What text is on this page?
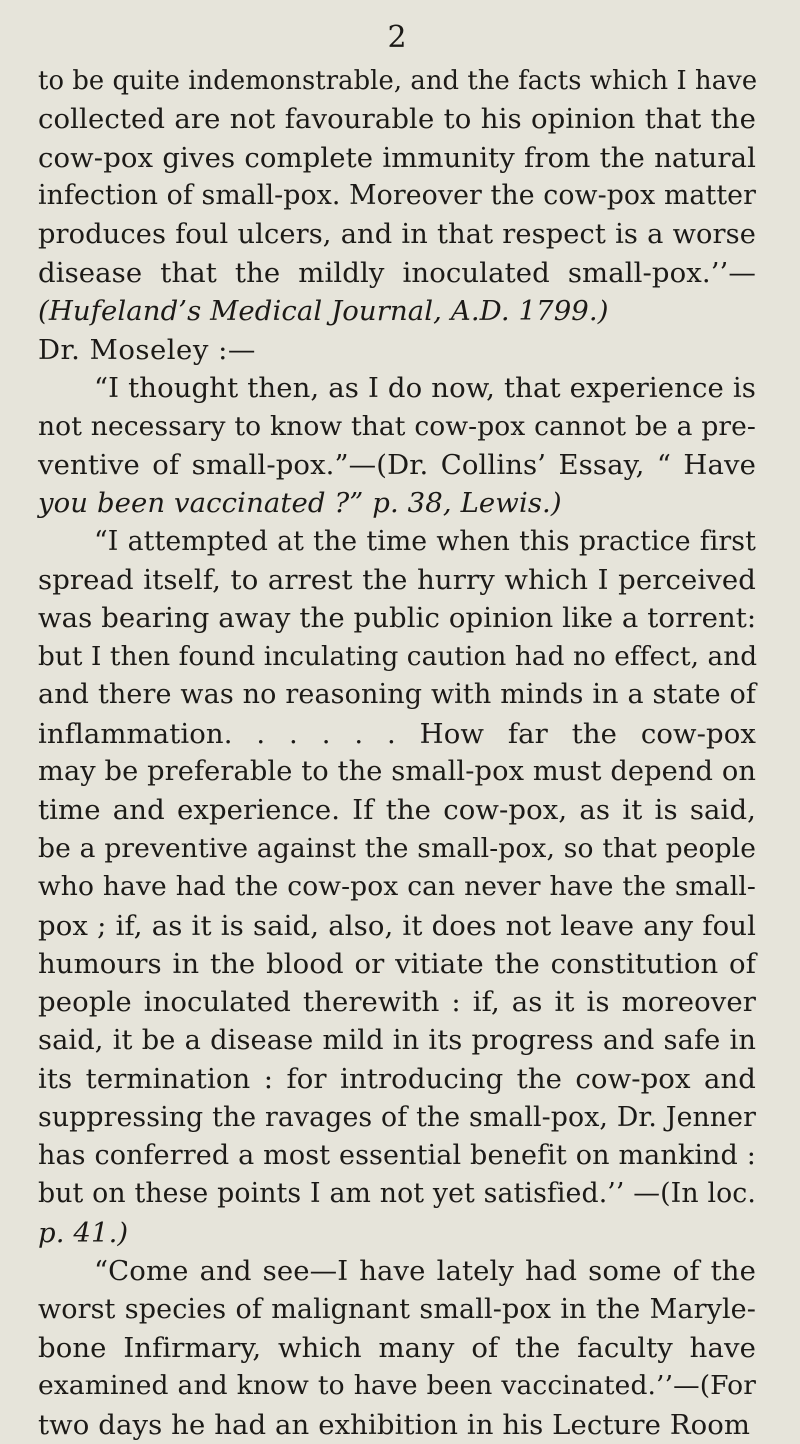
2
to be quite indemonstrable, and the facts which I have
collected are not favourable to his opinion that the
cow-pox gives complete immunity from the natural
infection of small-pox. Moreover the cow-pox matter
produces foul ulcers, and in that respect is a worse
disease that the mildly inoculated small-pox.’’—
(Hufeland’s Medical Journal, A.D. 1799.)
Dr. Moseley :—
“I thought then, as I do now, that experience is
not necessary to know that cow-pox cannot be a pre-
ventive of small-pox.”—(Dr. Collins’ Essay, “ Have
you been vaccinated ?” p. 38, Lewis.)
“I attempted at the time when this practice first
spread itself, to arrest the hurry which I perceived
was bearing away the public opinion like a torrent:
but I then found inculating caution had no effect, and
and there was no reasoning with minds in a state of
inflammation. . . . . . How far the cow-pox
may be preferable to the small-pox must depend on
time and experience. If the cow-pox, as it is said,
be a preventive against the small-pox, so that people
who have had the cow-pox can never have the small-
pox ; if, as it is said, also, it does not leave any foul
humours in the blood or vitiate the constitution of
people inoculated therewith : if, as it is moreover
said, it be a disease mild in its progress and safe in
its termination : for introducing the cow-pox and
suppressing the ravages of the small-pox, Dr. Jenner
has conferred a most essential benefit on mankind :
but on these points I am not yet satisfied.’’ —(In loc.
p. 41.)
“Come and see—I have lately had some of the
worst species of malignant small-pox in the Maryle-
bone Infirmary, which many of the faculty have
examined and know to have been vaccinated.’’—(For
two days he had an exhibition in his Lecture Room
